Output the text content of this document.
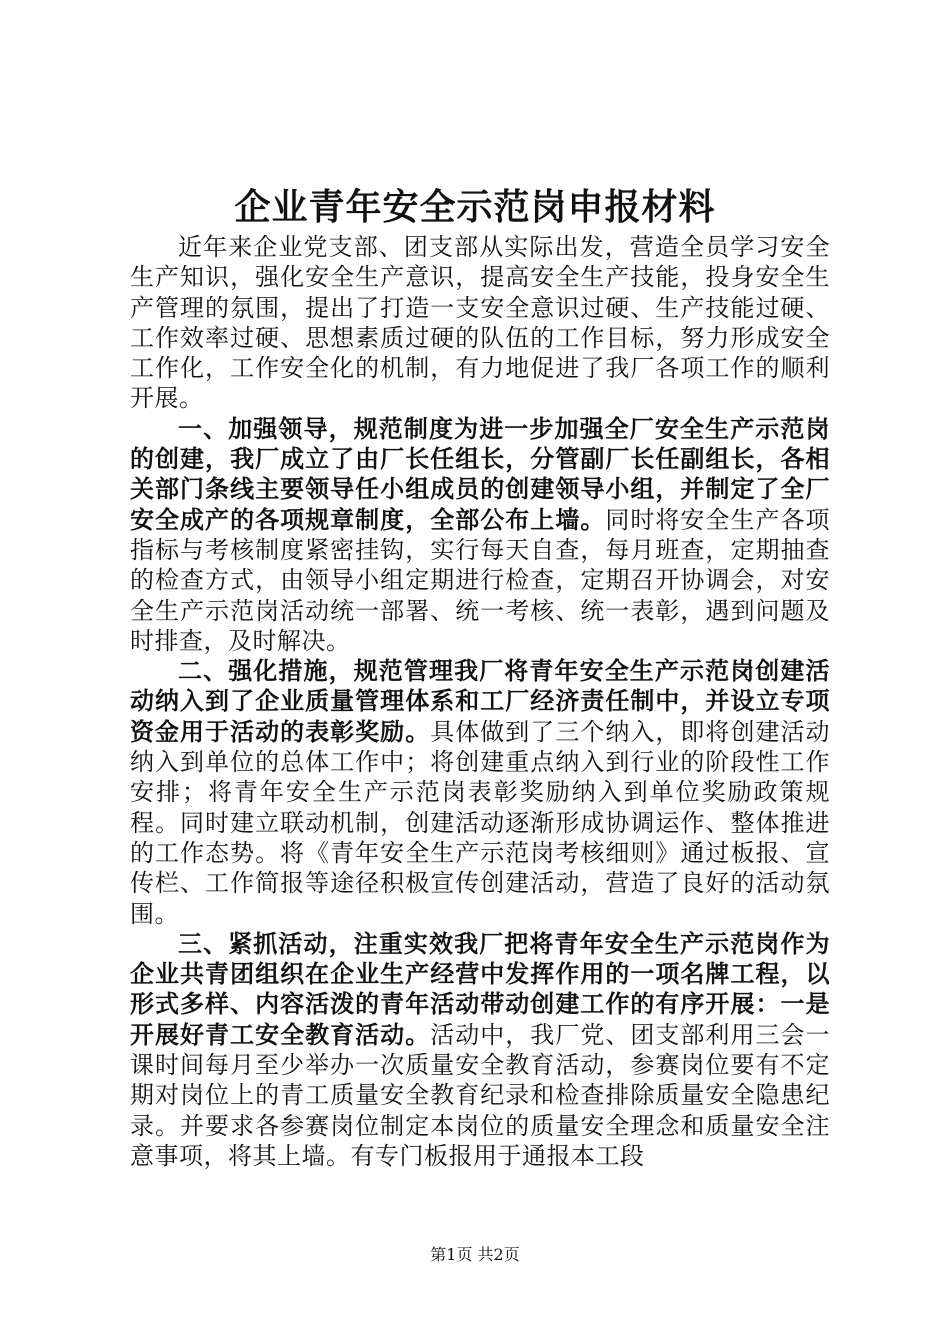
企业青年安全示范岗申报材料

近年来企业党支部、团支部从实际出发，营造全员学习安全生产知识，强化安全生产意识，提高安全生产技能，投身安全生产管理的氛围，提出了打造一支安全意识过硬、生产技能过硬、工作效率过硬、思想素质过硬的队伍的工作目标，努力形成安全工作化，工作安全化的机制，有力地促进了我厂各项工作的顺利开展。

一、加强领导，规范制度为进一步加强全厂安全生产示范岗的创建，我厂成立了由厂长任组长，分管副厂长任副组长，各相关部门条线主要领导任小组成员的创建领导小组，并制定了全厂安全成产的各项规章制度，全部公布上墙。同时将安全生产各项指标与考核制度紧密挂钩，实行每天自查，每月班查，定期抽查的检查方式，由领导小组定期进行检查，定期召开协调会，对安全生产示范岗活动统一部署、统一考核、统一表彰，遇到问题及时排查，及时解决。

二、强化措施，规范管理我厂将青年安全生产示范岗创建活动纳入到了企业质量管理体系和工厂经济责任制中，并设立专项资金用于活动的表彰奖励。具体做到了三个纳入，即将创建活动纳入到单位的总体工作中；将创建重点纳入到行业的阶段性工作安排；将青年安全生产示范岗表彰奖励纳入到单位奖励政策规程。同时建立联动机制，创建活动逐渐形成协调运作、整体推进的工作态势。将《青年安全生产示范岗考核细则》通过板报、宣传栏、工作简报等途径积极宣传创建活动，营造了良好的活动氛围。

三、紧抓活动，注重实效我厂把将青年安全生产示范岗作为企业共青团组织在企业生产经营中发挥作用的一项名牌工程，以形式多样、内容活泼的青年活动带动创建工作的有序开展：一是开展好青工安全教育活动。活动中，我厂党、团支部利用三会一课时间每月至少举办一次质量安全教育活动，参赛岗位要有不定期对岗位上的青工质量安全教育纪录和检查排除质量安全隐患纪录。并要求各参赛岗位制定本岗位的质量安全理念和质量安全注意事项，将其上墙。有专门板报用于通报本工段

第1页 共2页
